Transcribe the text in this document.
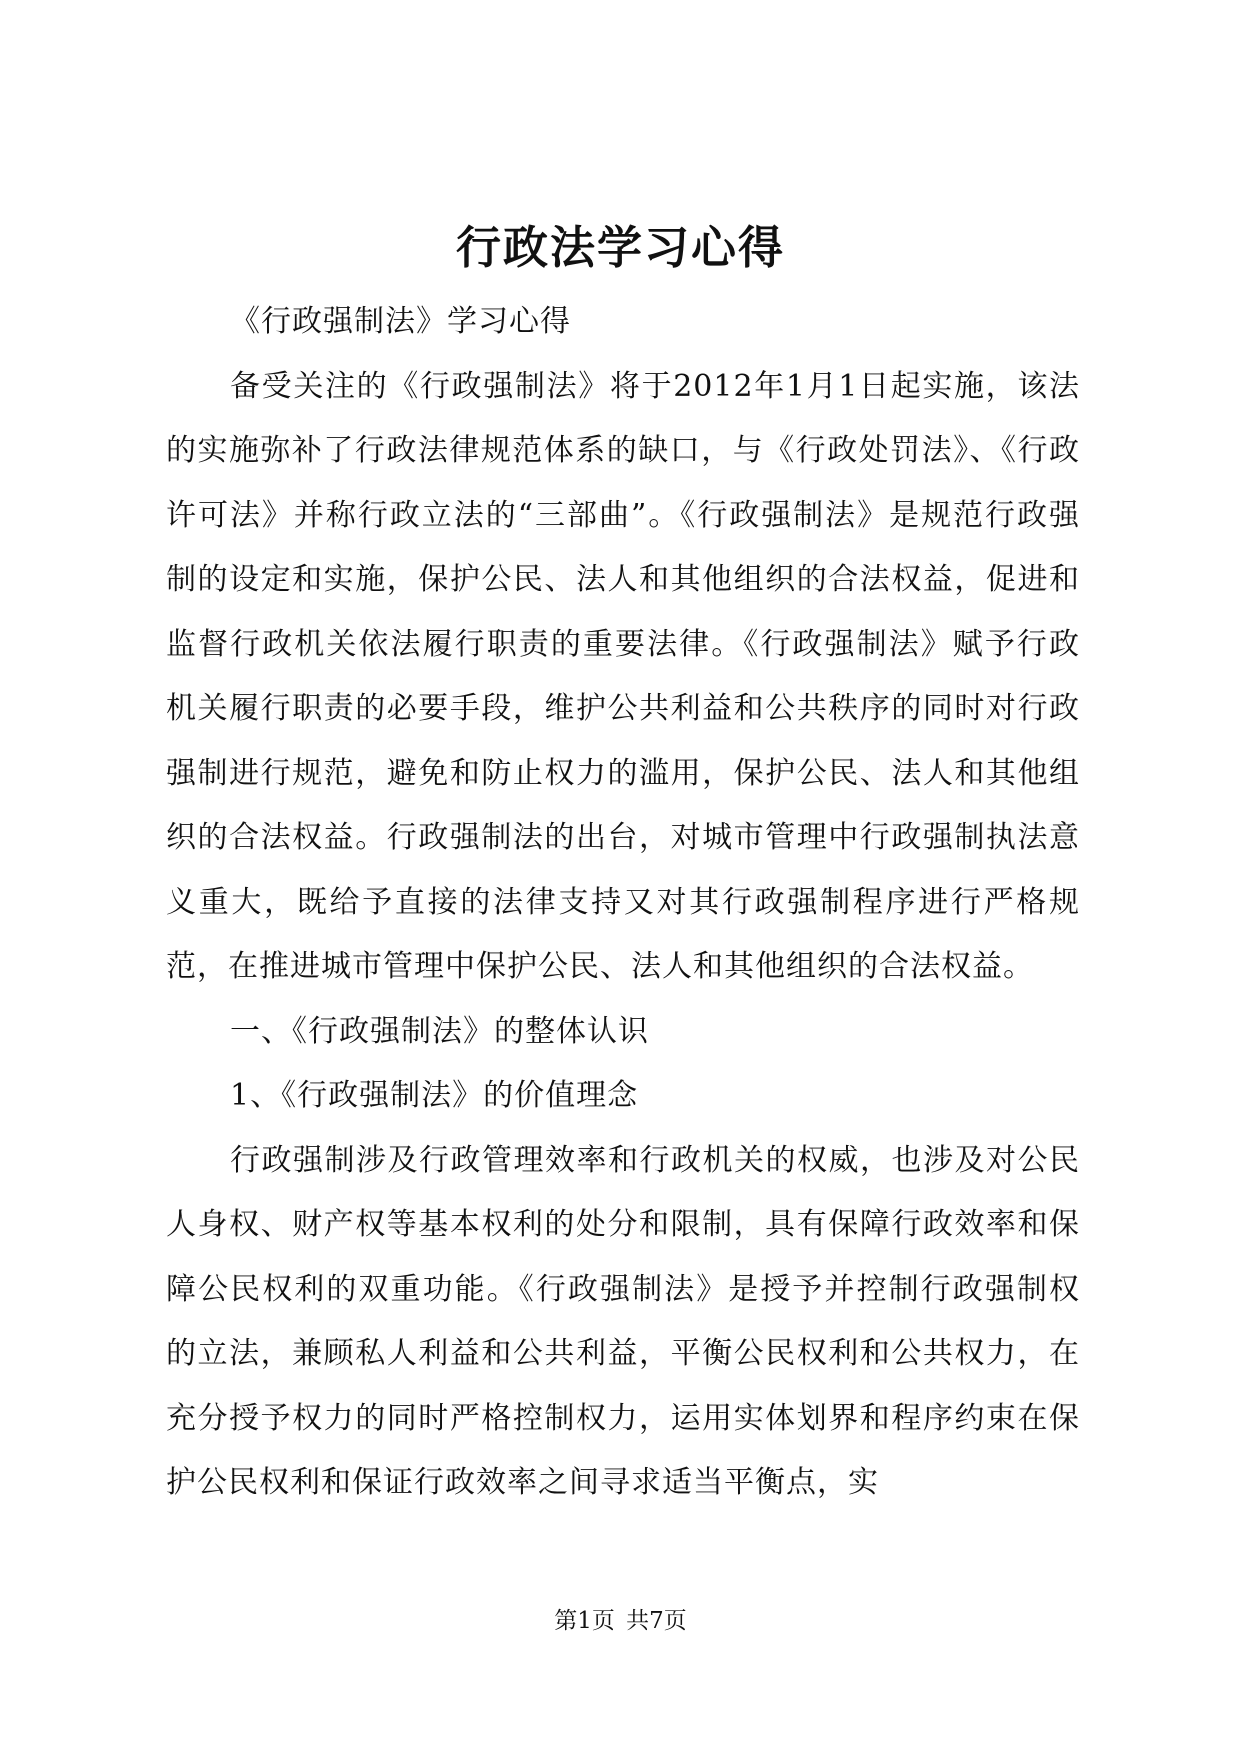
行政法学习心得

《行政强制法》学习心得

备受关注的《行政强制法》将于2012年1月1日起实施，该法的实施弥补了行政法律规范体系的缺口，与《行政处罚法》、《行政许可法》并称行政立法的“三部曲”。《行政强制法》是规范行政强制的设定和实施，保护公民、法人和其他组织的合法权益，促进和监督行政机关依法履行职责的重要法律。《行政强制法》赋予行政机关履行职责的必要手段，维护公共利益和公共秩序的同时对行政强制进行规范，避免和防止权力的滥用，保护公民、法人和其他组织的合法权益。行政强制法的出台，对城市管理中行政强制执法意义重大，既给予直接的法律支持又对其行政强制程序进行严格规范，在推进城市管理中保护公民、法人和其他组织的合法权益。

一、《行政强制法》的整体认识

1、《行政强制法》的价值理念

行政强制涉及行政管理效率和行政机关的权威，也涉及对公民人身权、财产权等基本权利的处分和限制，具有保障行政效率和保障公民权利的双重功能。《行政强制法》是授予并控制行政强制权的立法，兼顾私人利益和公共利益，平衡公民权利和公共权力，在充分授予权力的同时严格控制权力，运用实体划界和程序约束在保护公民权利和保证行政效率之间寻求适当平衡点，实

第1页 共7页
